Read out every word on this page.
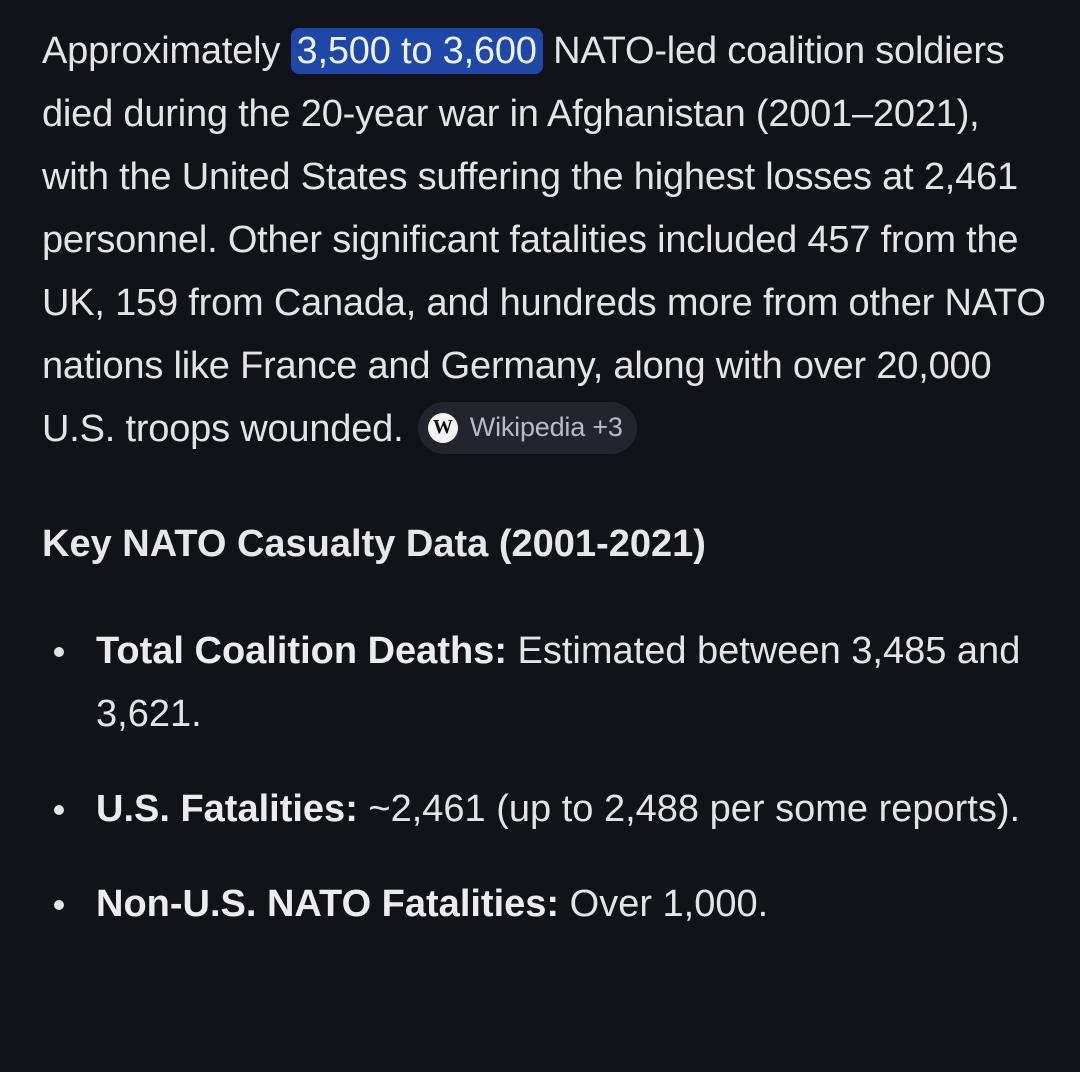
Approximately 3,500 to 3,600 NATO-led coalition soldiers died during the 20-year war in Afghanistan (2001–2021), with the United States suffering the highest losses at 2,461 personnel. Other significant fatalities included 457 from the UK, 159 from Canada, and hundreds more from other NATO nations like France and Germany, along with over 20,000 U.S. troops wounded. W Wikipedia +3

Key NATO Casualty Data (2001-2021)
Total Coalition Deaths: Estimated between 3,485 and 3,621.
U.S. Fatalities: ~2,461 (up to 2,488 per some reports).
Non-U.S. NATO Fatalities: Over 1,000.
